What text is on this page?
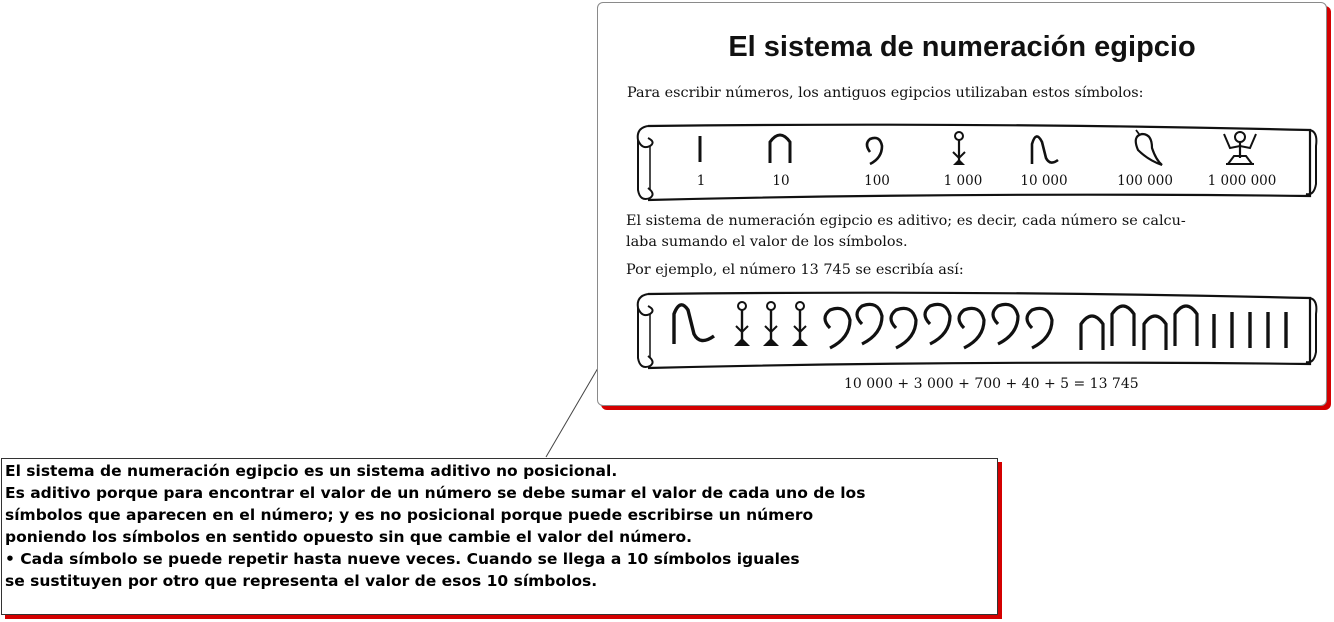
El sistema de numeración egipcio
Para escribir números, los antiguos egipcios utilizaban estos símbolos:
1	10	100	1 000	10 000	100 000	1 000 000
El sistema de numeración egipcio es aditivo; es decir, cada número se calcu-
laba sumando el valor de los símbolos.
Por ejemplo, el número 13 745 se escribía así:
10 000 + 3 000 + 700 + 40 + 5 = 13 745
El sistema de numeración egipcio es un sistema aditivo no posicional.
Es aditivo porque para encontrar el valor de un número se debe sumar el valor de cada uno de los
símbolos que aparecen en el número; y es no posicional porque puede escribirse un número
poniendo los símbolos en sentido opuesto sin que cambie el valor del número.
• Cada símbolo se puede repetir hasta nueve veces. Cuando se llega a 10 símbolos iguales
se sustituyen por otro que representa el valor de esos 10 símbolos.
